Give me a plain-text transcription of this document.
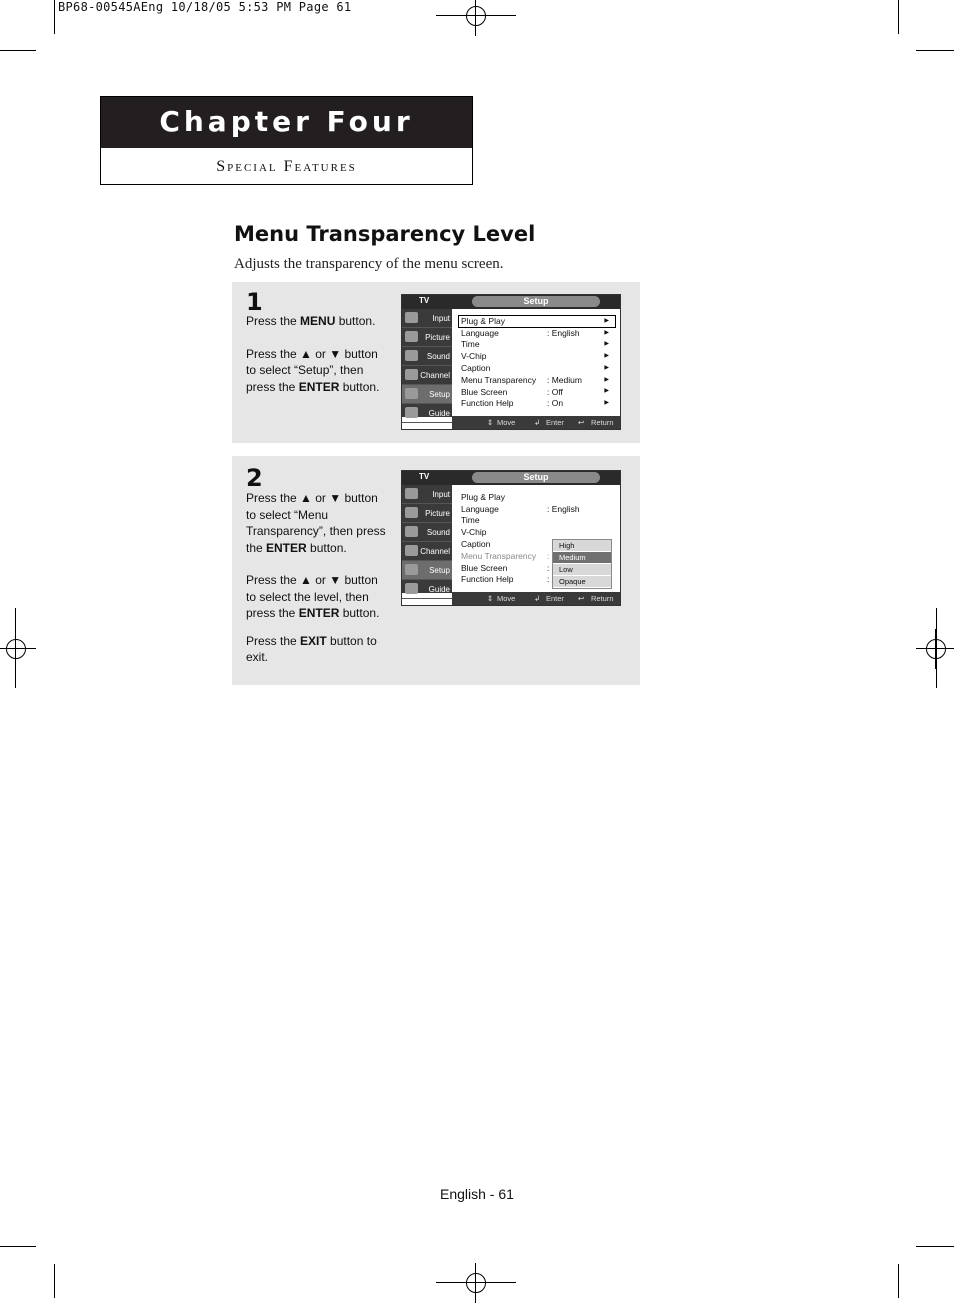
BP68-00545AEng 10/18/05 5:53 PM Page 61
Chapter Four
Special Features
Menu Transparency Level
Adjusts the transparency of the menu screen.
1

Press the MENU button.

Press the ▲ or ▼ button to select “Setup”, then press the ENTER button.

TV	Setup
Input
Picture
Sound
Channel
Setup
Guide
Plug & Play
Language	: English
Time
V-Chip
Caption
Menu Transparency : Medium
Blue Screen	: Off
Function Help	: On
▶
▶
▶
▶
▶
▶
▶
▶
⇕ Move ↲ Enter ↩ Return
2

Press the ▲ or ▼ button to select “Menu Transparency”, then press the ENTER button.

Press the ▲ or ▼ button to select the level, then press the ENTER button.

Press the EXIT button to exit.

TV	Setup
Input
Picture
Sound
Channel
Setup
Guide
Plug & Play
Language	: English
Time
V-Chip
Caption
Menu Transparency :
Blue Screen	:
Function Help	:
High
Medium
Low
Opaque
⇕ Move ↲ Enter ↩ Return
English - 61
